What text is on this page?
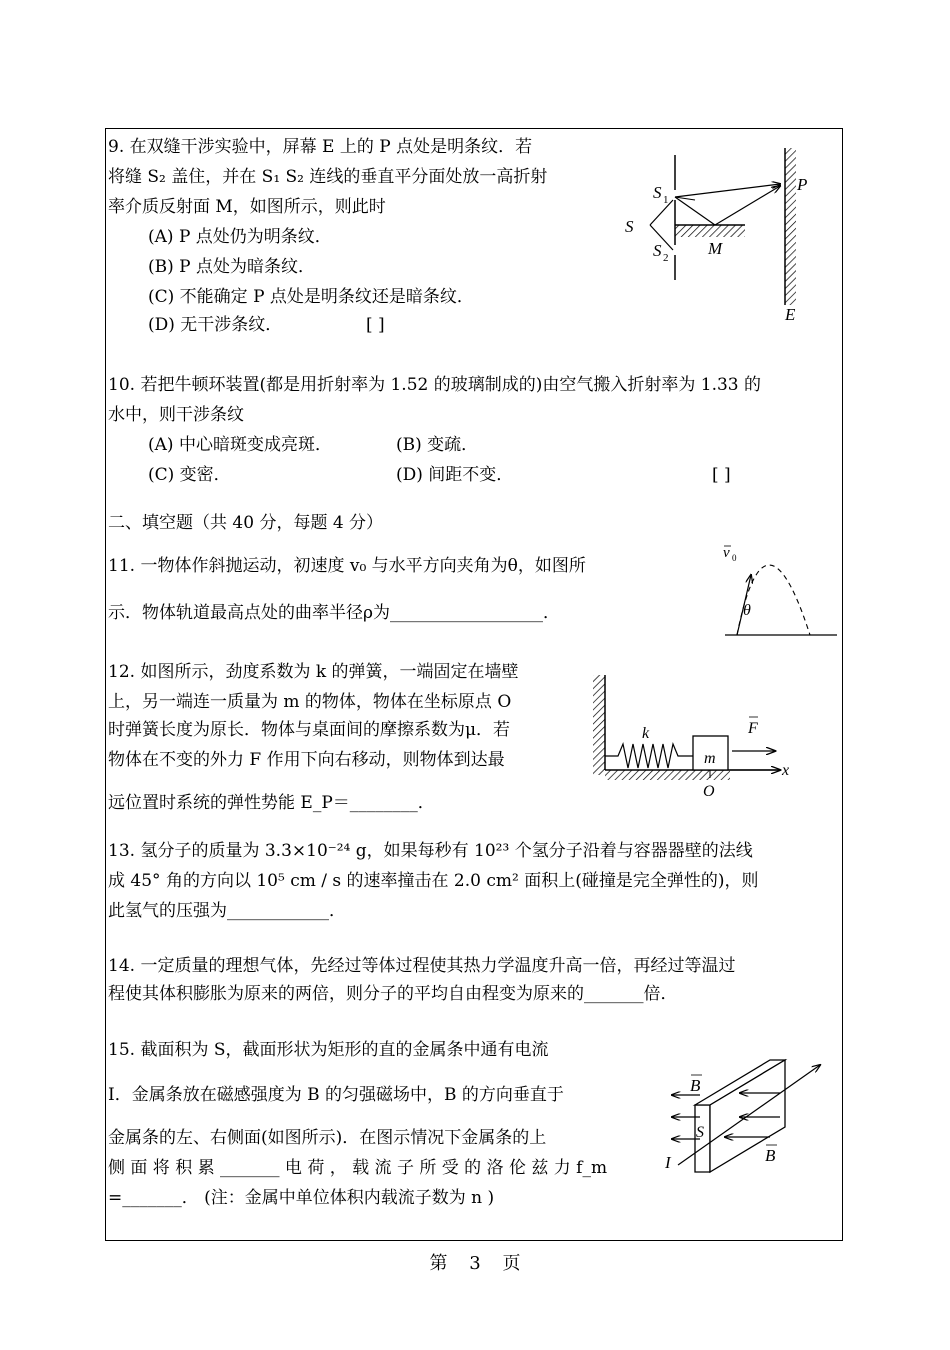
9. 在双缝干涉实验中，屏幕 E 上的 P 点处是明条纹．若
将缝 S₂ 盖住，并在 S₁ S₂ 连线的垂直平分面处放一高折射
率介质反射面 M，如图所示，则此时
(A) P 点处仍为明条纹．
(B) P 点处为暗条纹．
(C) 不能确定 P 点处是明条纹还是暗条纹．
(D) 无干涉条纹．	[ ]
S
S 1
S 2 M
P
E
10. 若把牛顿环装置(都是用折射率为 1.52 的玻璃制成的)由空气搬入折射率为 1.33 的
水中，则干涉条纹
(A) 中心暗斑变成亮斑．	(B) 变疏．
(C) 变密．	(D) 间距不变．	[ ]
二、填空题（共 40 分，每题 4 分）
11. 一物体作斜抛运动，初速度 v₀ 与水平方向夹角为θ，如图所
示．物体轨道最高点处的曲率半径ρ为__________________．
v 0
θ
12. 如图所示，劲度系数为 k 的弹簧，一端固定在墙壁
上，另一端连一质量为 m 的物体，物体在坐标原点 O
时弹簧长度为原长．物体与桌面间的摩擦系数为μ．若
物体在不变的外力 F 作用下向右移动，则物体到达最
远位置时系统的弹性势能 E_P＝________．
k
m
F
x
O
13. 氢分子的质量为 3.3×10⁻²⁴ g，如果每秒有 10²³ 个氢分子沿着与容器器壁的法线
成 45° 角的方向以 10⁵ cm / s 的速率撞击在 2.0 cm² 面积上(碰撞是完全弹性的)，则
此氢气的压强为____________．
14. 一定质量的理想气体，先经过等体过程使其热力学温度升高一倍，再经过等温过
程使其体积膨胀为原来的两倍，则分子的平均自由程变为原来的_______倍．
15. 截面积为 S，截面形状为矩形的直的金属条中通有电流
I．金属条放在磁感强度为 B 的匀强磁场中，B 的方向垂直于
金属条的左、右侧面(如图所示)．在图示情况下金属条的上
侧 面 将 积 累 _______ 电 荷 ， 载 流 子 所 受 的 洛 伦 兹 力 f_m
=_______． (注：金属中单位体积内载流子数为 n )
B
B
S
I
第 3 页
